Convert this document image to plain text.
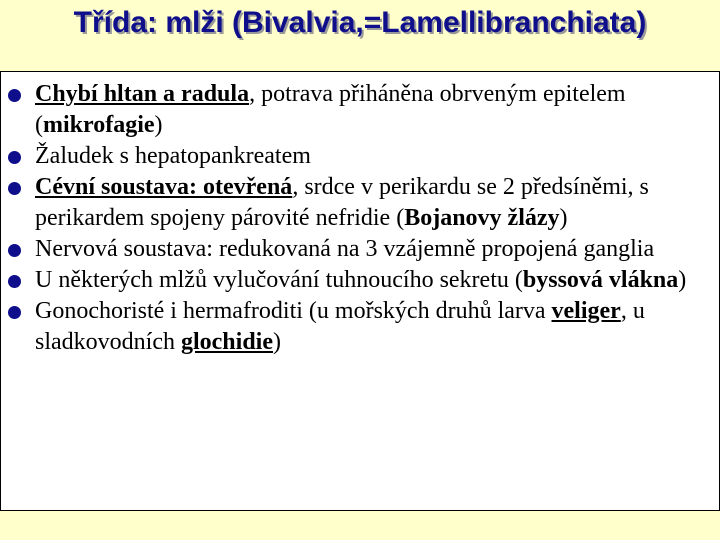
Třída: mlži (Bivalvia,=Lamellibranchiata)
Chybí hltan a radula, potrava přiháněna obrveným epitelem (mikrofagie)
Žaludek s hepatopankreatem
Cévní soustava: otevřená, srdce v perikardu se 2 předsíněmi, s perikardem spojeny párovité nefridie (Bojanovy žlázy)
Nervová soustava: redukovaná na 3 vzájemně propojená ganglia
U některých mlžů vylučování tuhnoucího sekretu (byssová vlákna)
Gonochoristé i hermafroditi (u mořských druhů larva veliger, u sladkovodních glochidie)
